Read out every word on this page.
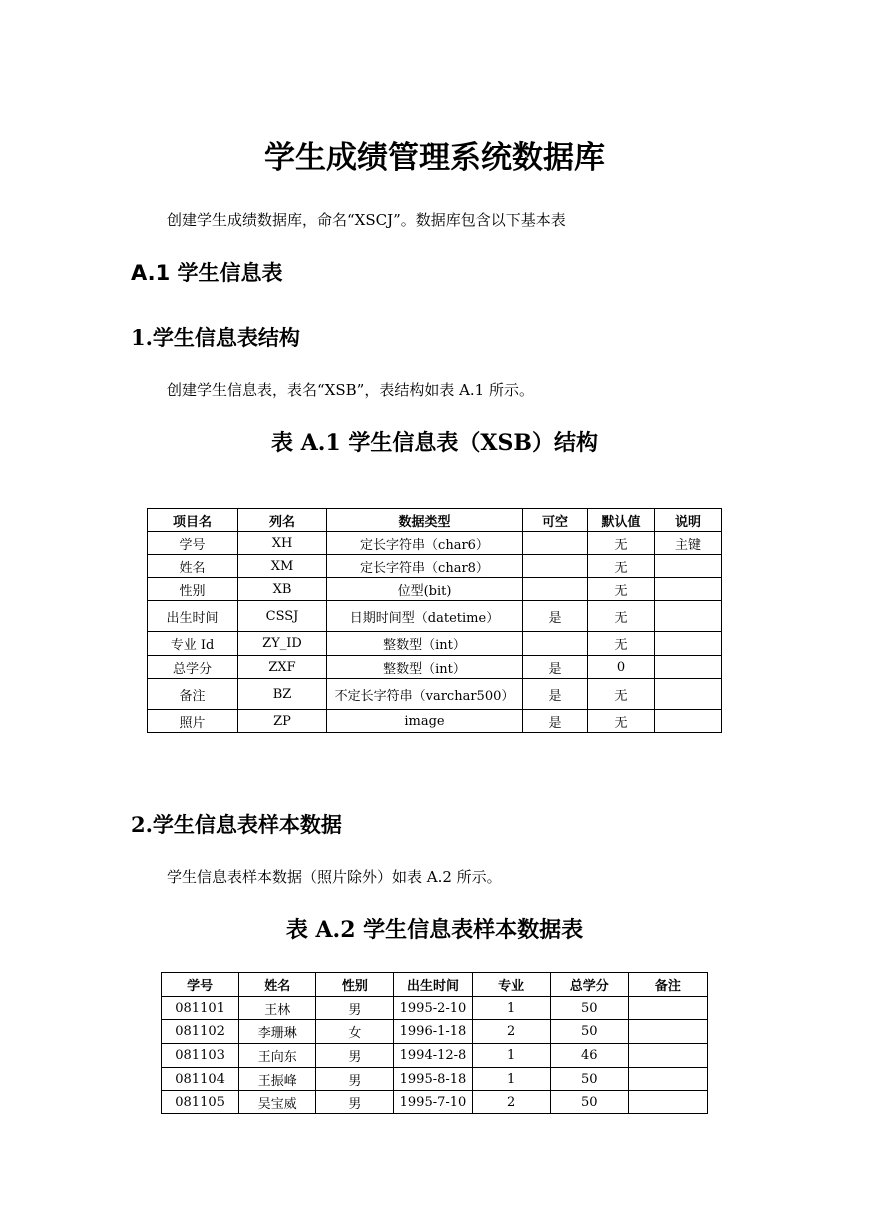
学生成绩管理系统数据库
创建学生成绩数据库，命名“XSCJ”。数据库包含以下基本表
A.1 学生信息表
1.学生信息表结构
创建学生信息表，表名“XSB”，表结构如表 A.1 所示。
表 A.1 学生信息表（XSB）结构
项目名	列名	数据类型	可空	默认值	说明
学号	XH	定长字符串（char6）		无	主键
姓名	XM	定长字符串（char8）		无	
性别	XB	位型(bit)		无	
出生时间	CSSJ	日期时间型（datetime）	是	无	
专业 Id	ZY_ID	整数型（int）		无	
总学分	ZXF	整数型（int）	是	0	
备注	BZ	不定长字符串（varchar500）	是	无	
照片	ZP	image	是	无	
2.学生信息表样本数据
学生信息表样本数据（照片除外）如表 A.2 所示。
表 A.2 学生信息表样本数据表
学号	姓名	性别	出生时间	专业	总学分	备注
081101	王林	男	1995-2-10	1	50	
081102	李珊琳	女	1996-1-18	2	50	
081103	王向东	男	1994-12-8	1	46	
081104	王振峰	男	1995-8-18	1	50	
081105	吴宝威	男	1995-7-10	2	50	
